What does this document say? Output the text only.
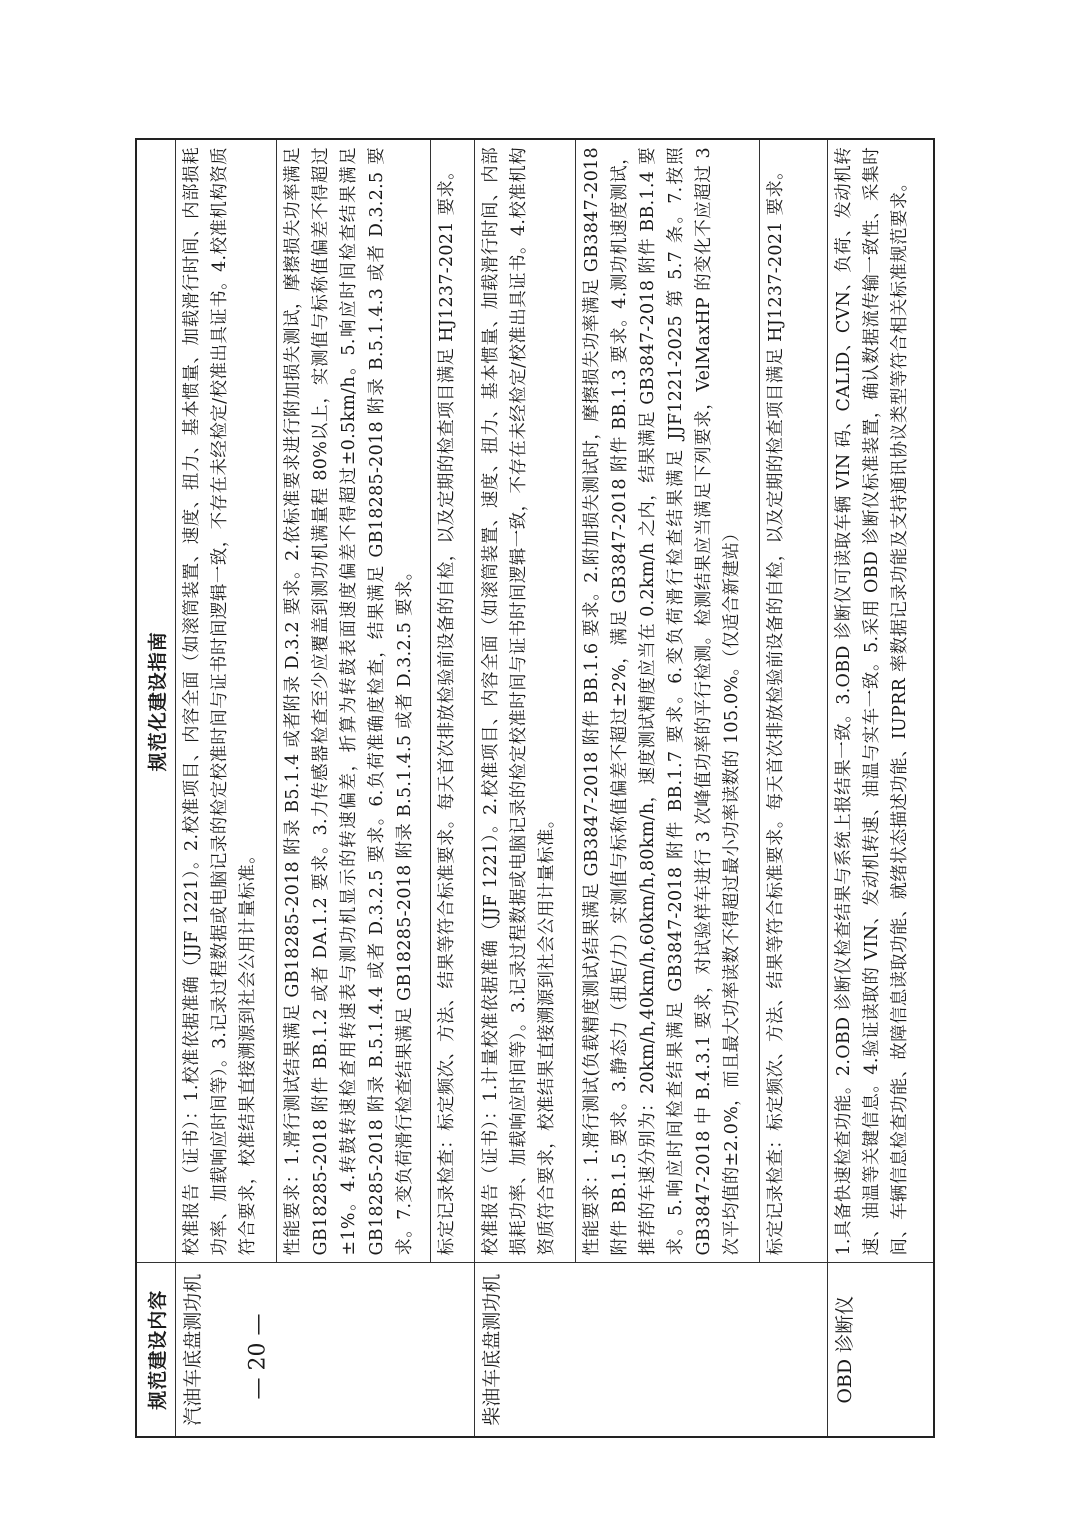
规范建设内容	规范化建设指南
汽油车底盘测功机	校准报告（证书）：1.校准依据准确（JJF 1221）。2.校准项目、内容全面（如滚筒装置、速度、扭力、基本惯量、加载滑行时间、内部损耗功率、加载响应时间等）。3.记录过程数据或电脑记录的检定校准时间与证书时间逻辑一致，不存在未经检定/校准出具证书。4.校准机构资质符合要求，校准结果直接溯源到社会公用计量标准。
	性能要求：1.滑行测试结果满足 GB18285-2018 附录 B5.1.4 或者附录 D.3.2 要求。2.依标准要求进行附加损失测试，摩擦损失功率满足 GB18285-2018 附件 BB.1.2 或者 DA.1.2 要求。3.力传感器检查至少应覆盖到测功机满量程 80%以上，实测值与标称值偏差不得超过±1%。4.转鼓转速检查用转速表与测功机显示的转速偏差，折算为转鼓表面速度偏差不得超过±0.5km/h。5.响应时间检查结果满足 GB18285-2018 附录 B.5.1.4.4 或者 D.3.2.5 要求。6.负荷准确度检查，结果满足 GB18285-2018 附录 B.5.1.4.3 或者 D.3.2.5 要求。7.变负荷滑行检查结果满足 GB18285-2018 附录 B.5.1.4.5 或者 D.3.2.5 要求。
	标定记录检查：标定频次、方法、结果等符合标准要求。每天首次排放检验前设备的自检，以及定期的检查项目满足 HJ1237-2021 要求。
柴油车底盘测功机	校准报告（证书）：1.计量校准依据准确（JJF 1221）。2.校准项目、内容全面（如滚筒装置、速度、扭力、基本惯量、加载滑行时间、内部损耗功率、加载响应时间等）。3.记录过程数据或电脑记录的检定校准时间与证书时间逻辑一致，不存在未经检定/校准出具证书。4.校准机构资质符合要求，校准结果直接溯源到社会公用计量标准。
	性能要求：1.滑行测试(负载精度测试)结果满足 GB3847-2018 附件 BB.1.6 要求。2.附加损失测试时，摩擦损失功率满足 GB3847-2018 附件 BB.1.5 要求。3.静态力（扭矩/力）实测值与标称值偏差不超过±2%，满足 GB3847-2018 附件 BB.1.3 要求。4.测功机速度测试，推荐的车速分别为：20km/h,40km/h,60km/h,80km/h，速度测试精度应当在 0.2km/h 之内，结果满足 GB3847-2018 附件 BB.1.4 要求。5.响应时间检查结果满足 GB3847-2018 附件 BB.1.7 要求。6.变负荷滑行检查结果满足 JJF1221-2025 第 5.7 条。7.按照 GB3847-2018 中 B.4.3.1 要求，对试验样车进行 3 次峰值功率的平行检测。检测结果应当满足下列要求，VelMaxHP 的变化不应超过 3 次平均值的±2.0%，而且最大功率读数不得超过最小功率读数的 105.0%。（仅适合新建站）
	标定记录检查：标定频次、方法、结果等符合标准要求。每天首次排放检验前设备的自检，以及定期的检查项目满足 HJ1237-2021 要求。
OBD 诊断仪	1.具备快速检查功能。2.OBD 诊断仪检查结果与系统上报结果一致。3.OBD 诊断仪可读取车辆 VIN 码、CALID、CVN、负荷、发动机转速、油温等关键信息。4.验证读取的 VIN、发动机转速、油温与实车一致。5.采用 OBD 诊断仪标准装置，确认数据流传输一致性、采集时间、车辆信息检查功能、故障信息读取功能、就绪状态描述功能、IUPRR 率数据记录功能及支持通讯协议类型等符合相关标准规范要求。
— 20 —
